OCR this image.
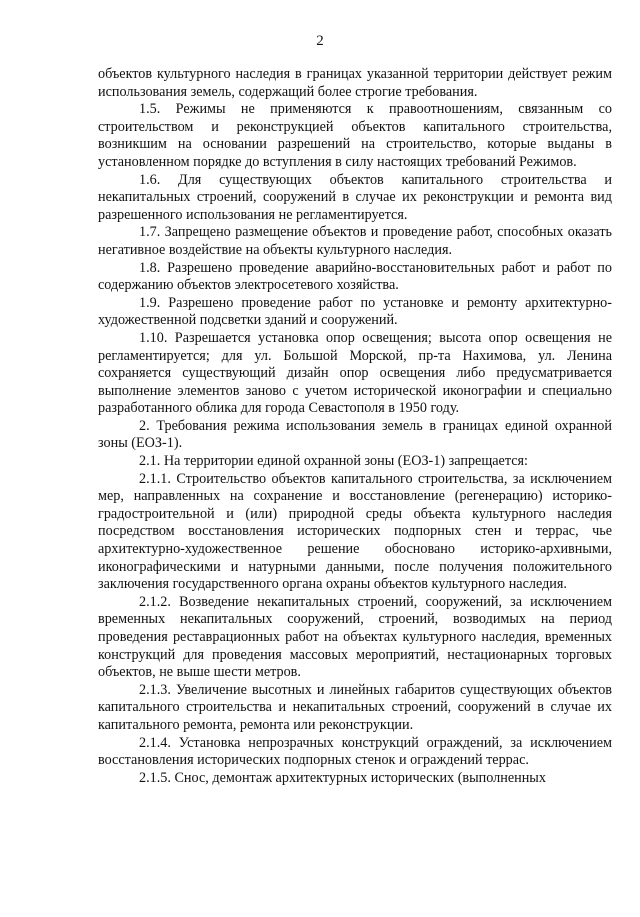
2

объектов культурного наследия в границах указанной территории действует режим использования земель, содержащий более строгие требования.

1.5. Режимы не применяются к правоотношениям, связанным со строительством и реконструкцией объектов капитального строительства, возникшим на основании разрешений на строительство, которые выданы в установленном порядке до вступления в силу настоящих требований Режимов.

1.6. Для существующих объектов капитального строительства и некапитальных строений, сооружений в случае их реконструкции и ремонта вид разрешенного использования не регламентируется.

1.7. Запрещено размещение объектов и проведение работ, способных оказать негативное воздействие на объекты культурного наследия.

1.8. Разрешено проведение аварийно-восстановительных работ и работ по содержанию объектов электросетевого хозяйства.

1.9. Разрешено проведение работ по установке и ремонту архитектурно-художественной подсветки зданий и сооружений.

1.10. Разрешается установка опор освещения; высота опор освещения не регламентируется; для ул. Большой Морской, пр-та Нахимова, ул. Ленина сохраняется существующий дизайн опор освещения либо предусматривается выполнение элементов заново с учетом исторической иконографии и специально разработанного облика для города Севастополя в 1950 году.

2. Требования режима использования земель в границах единой охранной зоны (ЕОЗ-1).

2.1. На территории единой охранной зоны (ЕОЗ-1) запрещается:

2.1.1. Строительство объектов капитального строительства, за исключением мер, направленных на сохранение и восстановление (регенерацию) историко-градостроительной и (или) природной среды объекта культурного наследия посредством восстановления исторических подпорных стен и террас, чье архитектурно-художественное решение обосновано историко-архивными, иконографическими и натурными данными, после получения положительного заключения государственного органа охраны объектов культурного наследия.

2.1.2. Возведение некапитальных строений, сооружений, за исключением временных некапитальных сооружений, строений, возводимых на период проведения реставрационных работ на объектах культурного наследия, временных конструкций для проведения массовых мероприятий, нестационарных торговых объектов, не выше шести метров.

2.1.3. Увеличение высотных и линейных габаритов существующих объектов капитального строительства и некапитальных строений, сооружений в случае их капитального ремонта, ремонта или реконструкции.

2.1.4. Установка непрозрачных конструкций ограждений, за исключением восстановления исторических подпорных стенок и ограждений террас.

2.1.5. Снос, демонтаж архитектурных исторических (выполненных
